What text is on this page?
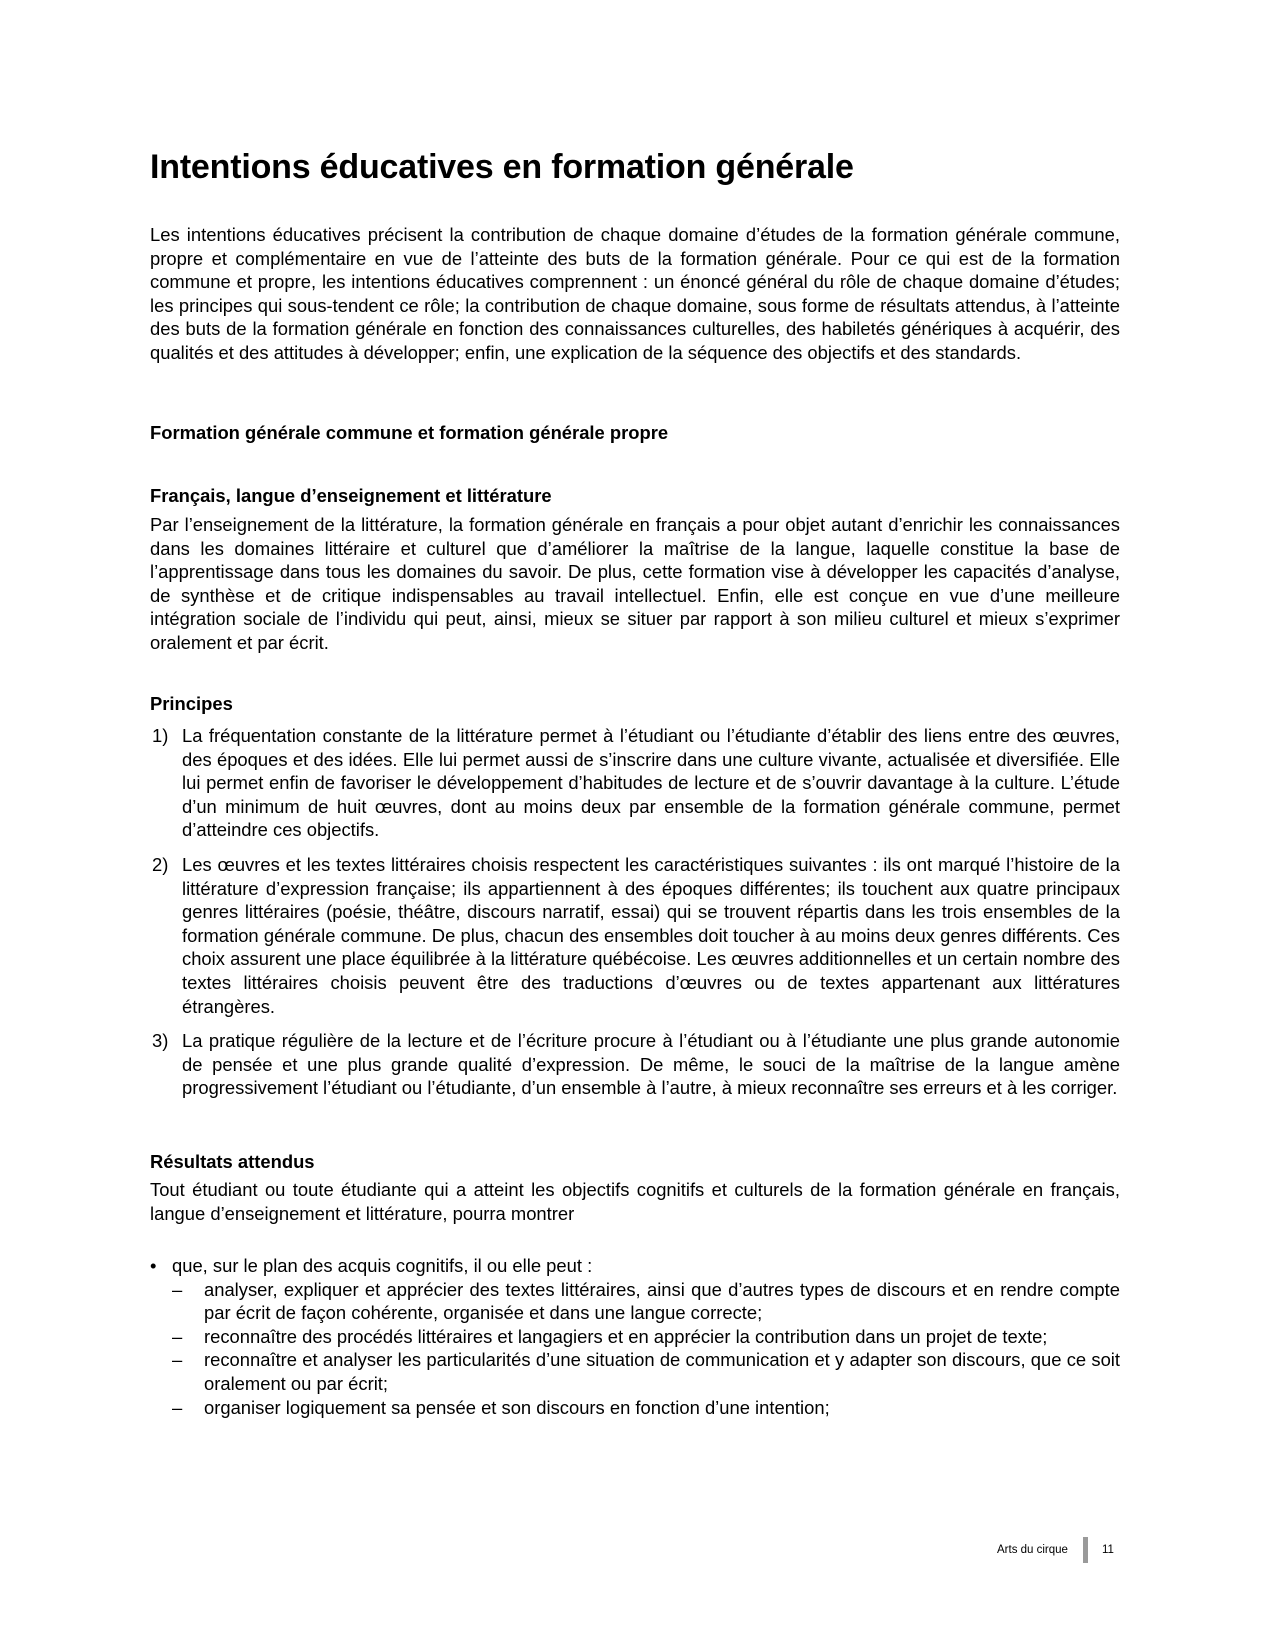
Intentions éducatives en formation générale

Les intentions éducatives précisent la contribution de chaque domaine d’études de la formation générale commune, propre et complémentaire en vue de l’atteinte des buts de la formation générale. Pour ce qui est de la formation commune et propre, les intentions éducatives comprennent : un énoncé général du rôle de chaque domaine d’études; les principes qui sous-tendent ce rôle; la contribution de chaque domaine, sous forme de résultats attendus, à l’atteinte des buts de la formation générale en fonction des connaissances culturelles, des habiletés génériques à acquérir, des qualités et des attitudes à développer; enfin, une explication de la séquence des objectifs et des standards.

Formation générale commune et formation générale propre
Français, langue d’enseignement et littérature

Par l’enseignement de la littérature, la formation générale en français a pour objet autant d’enrichir les connaissances dans les domaines littéraire et culturel que d’améliorer la maîtrise de la langue, laquelle constitue la base de l’apprentissage dans tous les domaines du savoir. De plus, cette formation vise à développer les capacités d’analyse, de synthèse et de critique indispensables au travail intellectuel. Enfin, elle est conçue en vue d’une meilleure intégration sociale de l’individu qui peut, ainsi, mieux se situer par rapport à son milieu culturel et mieux s’exprimer oralement et par écrit.

Principes
1) La fréquentation constante de la littérature permet à l’étudiant ou l’étudiante d’établir des liens entre des œuvres, des époques et des idées. Elle lui permet aussi de s’inscrire dans une culture vivante, actualisée et diversifiée. Elle lui permet enfin de favoriser le développement d’habitudes de lecture et de s’ouvrir davantage à la culture. L’étude d’un minimum de huit œuvres, dont au moins deux par ensemble de la formation générale commune, permet d’atteindre ces objectifs.
2) Les œuvres et les textes littéraires choisis respectent les caractéristiques suivantes : ils ont marqué l’histoire de la littérature d’expression française; ils appartiennent à des époques différentes; ils touchent aux quatre principaux genres littéraires (poésie, théâtre, discours narratif, essai) qui se trouvent répartis dans les trois ensembles de la formation générale commune. De plus, chacun des ensembles doit toucher à au moins deux genres différents. Ces choix assurent une place équilibrée à la littérature québécoise. Les œuvres additionnelles et un certain nombre des textes littéraires choisis peuvent être des traductions d’œuvres ou de textes appartenant aux littératures étrangères.
3) La pratique régulière de la lecture et de l’écriture procure à l’étudiant ou à l’étudiante une plus grande autonomie de pensée et une plus grande qualité d’expression. De même, le souci de la maîtrise de la langue amène progressivement l’étudiant ou l’étudiante, d’un ensemble à l’autre, à mieux reconnaître ses erreurs et à les corriger.
Résultats attendus

Tout étudiant ou toute étudiante qui a atteint les objectifs cognitifs et culturels de la formation générale en français, langue d’enseignement et littérature, pourra montrer

• que, sur le plan des acquis cognitifs, il ou elle peut :
– analyser, expliquer et apprécier des textes littéraires, ainsi que d’autres types de discours et en rendre compte par écrit de façon cohérente, organisée et dans une langue correcte;
– reconnaître des procédés littéraires et langagiers et en apprécier la contribution dans un projet de texte;
– reconnaître et analyser les particularités d’une situation de communication et y adapter son discours, que ce soit oralement ou par écrit;
– organiser logiquement sa pensée et son discours en fonction d’une intention;
Arts du cirque	11
